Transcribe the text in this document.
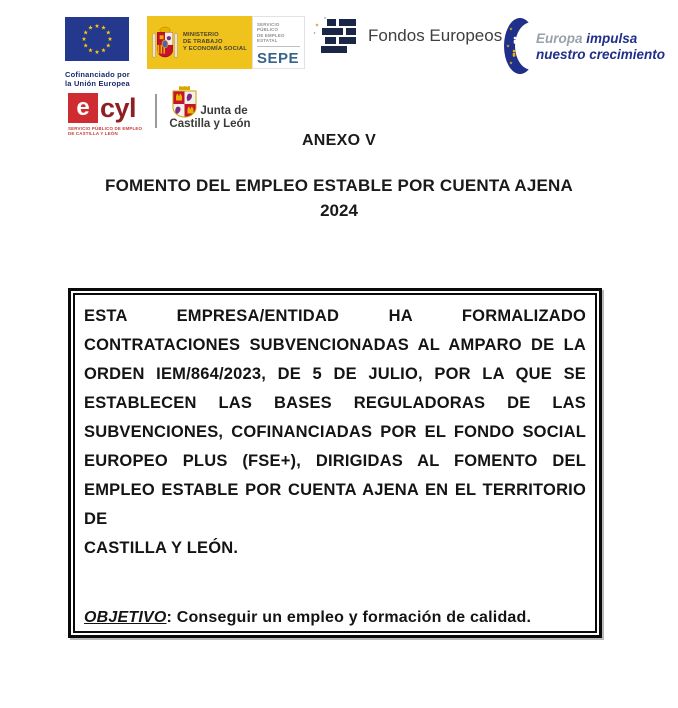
Cofinanciado por
la Unión Europea
MINISTERIO
DE TRABAJO
Y ECONOMÍA SOCIAL
SERVICIO PÚBLICO
DE EMPLEO ESTATAL
SEPE
Fondos Europeos	Europa impulsa
nuestro crecimiento
e cyl
SERVICIO PÚBLICO DE EMPLEO
DE CASTILLA Y LEÓN
Junta de
Castilla y León
ANEXO V
FOMENTO DEL EMPLEO ESTABLE POR CUENTA AJENA
2024
ESTA EMPRESA/ENTIDAD HA FORMALIZADO
CONTRATACIONES SUBVENCIONADAS AL AMPARO DE LA
ORDEN IEM/864/2023, DE 5 DE JULIO, POR LA QUE SE
ESTABLECEN LAS BASES REGULADORAS DE LAS
SUBVENCIONES, COFINANCIADAS POR EL FONDO SOCIAL
EUROPEO PLUS (FSE+), DIRIGIDAS AL FOMENTO DEL
EMPLEO ESTABLE POR CUENTA AJENA EN EL TERRITORIO DE
CASTILLA Y LEÓN.

OBJETIVO: Conseguir un empleo y formación de calidad.
